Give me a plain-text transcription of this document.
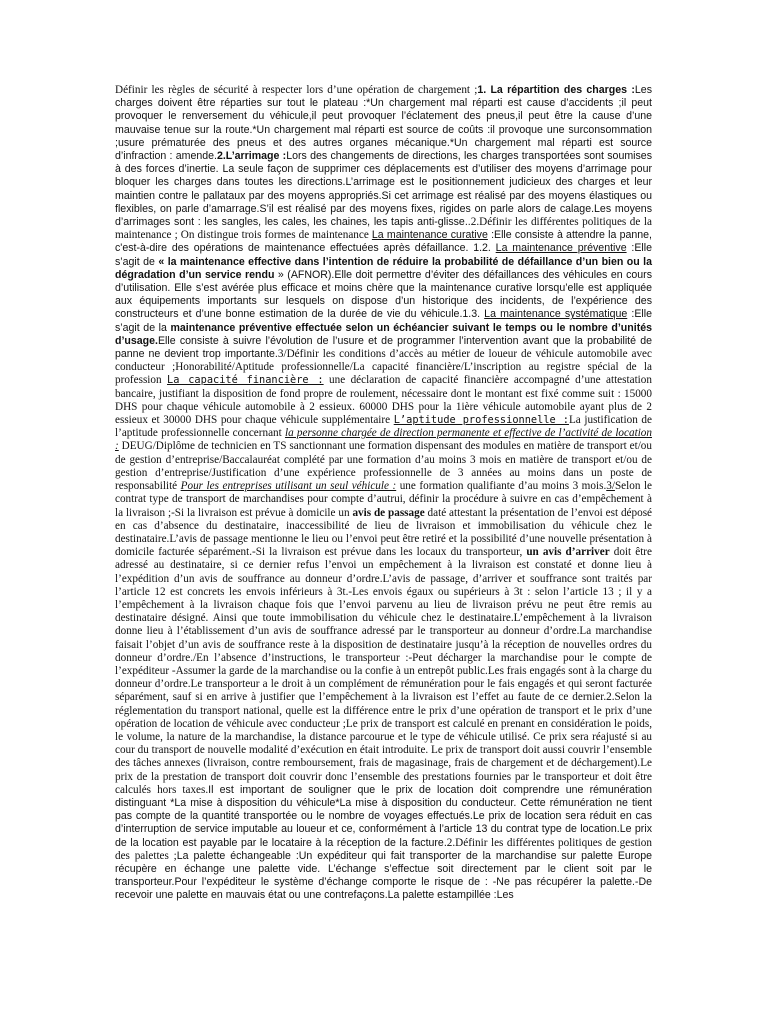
Définir les règles de sécurité à respecter lors d’une opération de chargement ;1. La répartition des charges :Les charges doivent être réparties sur tout le plateau :*Un chargement mal réparti est cause d’accidents ;il peut provoquer le renversement du véhicule,il peut provoquer l’éclatement des pneus,il peut être la cause d’une mauvaise tenue sur la route.*Un chargement mal réparti est source de coûts :il provoque une surconsommation ;usure prématurée des pneus et des autres organes mécanique.*Un chargement mal réparti est source d’infraction : amende.2.L’arrimage :Lors des changements de directions, les charges transportées sont soumises à des forces d’inertie. La seule façon de supprimer ces déplacements est d’utiliser des moyens d’arrimage pour bloquer les charges dans toutes les directions.L’arrimage est le positionnement judicieux des charges et leur maintien contre le pallataux par des moyens appropriés.Si cet arrimage est réalisé par des moyens élastiques ou flexibles, on parle d’amarrage.S’il est réalisé par des moyens fixes, rigides on parle alors de calage.Les moyens d’arrimages sont : les sangles, les cales, les chaines, les tapis anti-glisse..2.Définir les différentes politiques de la maintenance ; On distingue trois formes de maintenance La maintenance curative :Elle consiste à attendre la panne, c'est-à-dire des opérations de maintenance effectuées après défaillance. 1.2. La maintenance préventive :Elle s’agit de « la maintenance effective dans l’intention de réduire la probabilité de défaillance d’un bien ou la dégradation d’un service rendu » (AFNOR).Elle doit permettre d’éviter des défaillances des véhicules en cours d’utilisation. Elle s’est avérée plus efficace et moins chère que la maintenance curative lorsqu’elle est appliquée aux équipements importants sur lesquels on dispose d’un historique des incidents, de l’expérience des constructeurs et d’une bonne estimation de la durée de vie du véhicule.1.3. La maintenance systématique :Elle s’agit de la maintenance préventive effectuée selon un échéancier suivant le temps ou le nombre d’unités d’usage.Elle consiste à suivre l’évolution de l’usure et de programmer l’intervention avant que la probabilité de panne ne devient trop importante.3/Définir les conditions d’accès au métier de loueur de véhicule automobile avec conducteur ;Honorabilité/Aptitude professionnelle/La capacité financière/L’inscription au registre spécial de la profession La capacité financière : une déclaration de capacité financière accompagné d’une attestation bancaire, justifiant la disposition de fond propre de roulement, nécessaire dont le montant est fixé comme suit : 15000 DHS pour chaque véhicule automobile à 2 essieux. 60000 DHS pour la 1ière véhicule automobile ayant plus de 2 essieux et 30000 DHS pour chaque véhicule supplémentaire L’aptitude professionnelle :La justification de l’aptitude professionnelle concernant la personne chargée de direction permanente et effective de l’activité de location : DEUG/Diplôme de technicien en TS sanctionnant une formation dispensant des modules en matière de transport et/ou de gestion d’entreprise/Baccalauréat complété par une formation d’au moins 3 mois en matière de transport et/ou de gestion d’entreprise/Justification d’une expérience professionnelle de 3 années au moins dans un poste de responsabilité Pour les entreprises utilisant un seul véhicule : une formation qualifiante d’au moins 3 mois.3/Selon le contrat type de transport de marchandises pour compte d’autrui, définir la procédure à suivre en cas d’empêchement à la livraison ;-Si la livraison est prévue à domicile un avis de passage daté attestant la présentation de l’envoi est déposé en cas d’absence du destinataire, inaccessibilité de lieu de livraison et immobilisation du véhicule chez le destinataire.L’avis de passage mentionne le lieu ou l’envoi peut être retiré et la possibilité d’une nouvelle présentation à domicile facturée séparément.-Si la livraison est prévue dans les locaux du transporteur, un avis d’arriver doit être adressé au destinataire, si ce dernier refus l’envoi un empêchement à la livraison est constaté et donne lieu à l’expédition d’un avis de souffrance au donneur d’ordre.L’avis de passage, d’arriver et souffrance sont traités par l’article 12 est concrets les envois inférieurs à 3t.-Les envois égaux ou supérieurs à 3t : selon l’article 13 ; il y a l’empêchement à la livraison chaque fois que l’envoi parvenu au lieu de livraison prévu ne peut être remis au destinataire désigné. Ainsi que toute immobilisation du véhicule chez le destinataire.L’empêchement à la livraison donne lieu à l’établissement d’un avis de souffrance adressé par le transporteur au donneur d’ordre.La marchandise faisait l’objet d’un avis de souffrance reste à la disposition de destinataire jusqu’à la réception de nouvelles ordres du donneur d’ordre./En l’absence d’instructions, le transporteur :-Peut décharger la marchandise pour le compte de l’expéditeur -Assumer la garde de la marchandise ou la confie à un entrepôt public.Les frais engagés sont à la charge du donneur d’ordre.Le transporteur a le droit à un complément de rémunération pour le fais engagés et qui seront facturée séparément, sauf si en arrive à justifier que l’empêchement à la livraison est l’effet au faute de ce dernier.2.Selon la réglementation du transport national, quelle est la différence entre le prix d’une opération de transport et le prix d’une opération de location de véhicule avec conducteur ;Le prix de transport est calculé en prenant en considération le poids, le volume, la nature de la marchandise, la distance parcourue et le type de véhicule utilisé. Ce prix sera réajusté si au cour du transport de nouvelle modalité d’exécution en était introduite. Le prix de transport doit aussi couvrir l’ensemble des tâches annexes (livraison, contre remboursement, frais de magasinage, frais de chargement et de déchargement).Le prix de la prestation de transport doit couvrir donc l’ensemble des prestations fournies par le transporteur et doit être calculés hors taxes.Il est important de souligner que le prix de location doit comprendre une rémunération distinguant *La mise à disposition du véhicule*La mise à disposition du conducteur. Cette rémunération ne tient pas compte de la quantité transportée ou le nombre de voyages effectués.Le prix de location sera réduit en cas d’interruption de service imputable au loueur et ce, conformément à l’article 13 du contrat type de location.Le prix de la location est payable par le locataire à la réception de la facture.2.Définir les différentes politiques de gestion des palettes ;La palette échangeable :Un expéditeur qui fait transporter de la marchandise sur palette Europe récupère en échange une palette vide. L’échange s’effectue soit directement par le client soit par le transporteur.Pour l’expéditeur le système d’échange comporte le risque de : -Ne pas récupérer la palette.-De recevoir une palette en mauvais état ou une contrefaçons.La palette estampillée :Les
